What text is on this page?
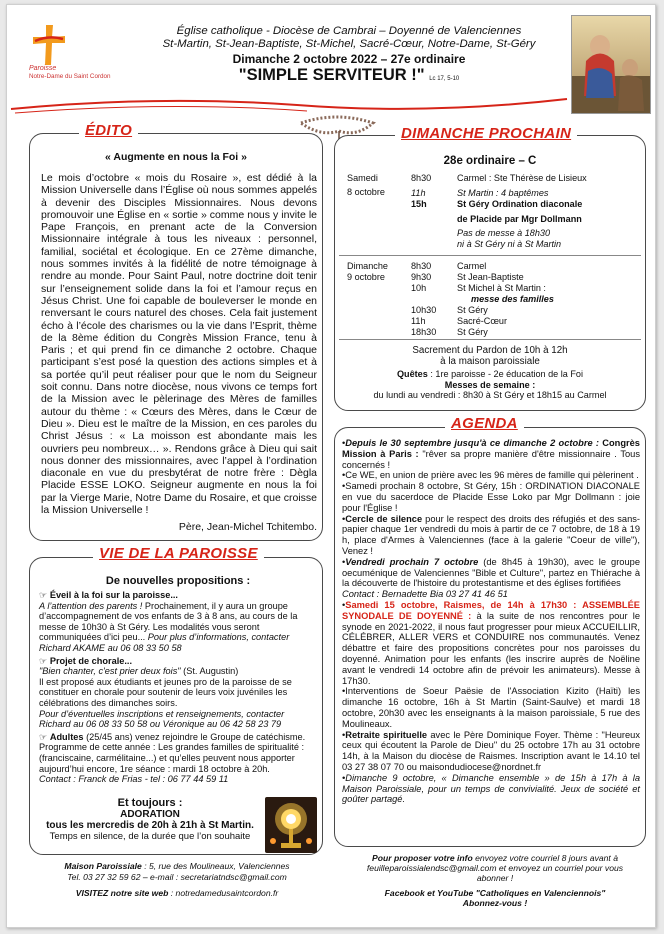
Paroisse
Notre-Dame du Saint Cordon
Église catholique - Diocèse de Cambrai – Doyenné de Valenciennes
St-Martin, St-Jean-Baptiste, St-Michel, Sacré-Cœur, Notre-Dame, St-Géry
Dimanche 2 octobre 2022 – 27e ordinaire
"SIMPLE SERVITEUR !" Lc 17, 5-10
ÉDITO
« Augmente en nous la Foi »
Le mois d’octobre « mois du Rosaire », est dédié à la Mission Universelle dans l’Église où nous sommes appelés à devenir des Disciples Missionnaires. Nous devons promouvoir une Église en « sortie » comme nous y invite le Pape François, en prenant acte de la Conversion Missionnaire intégrale à tous les niveaux : personnel, familial, sociétal et écologique. En ce 27ème dimanche, nous sommes invités à la fidélité de notre témoignage à rendre au monde. Pour Saint Paul, notre doctrine doit tenir sur l’enseignement solide dans la foi et l’amour reçus en Jésus Christ. Une foi capable de bouleverser le monde en renversant le cours naturel des choses. Cela fait justement écho à l’école des charismes ou la vie dans l’Esprit, thème de la 8ème édition du Congrès Mission France, tenu à Paris ; et qui prend fin ce dimanche 2 octobre. Chaque participant s’est posé la question des actions simples et à sa portée qu’il peut réaliser pour que le nom du Seigneur soit connu. Dans notre diocèse, nous vivons ce temps fort de la Mission avec le pèlerinage des Mères de familles autour du thème : « Cœurs des Mères, dans le Cœur de Dieu ». Dieu est le maître de la Mission, en ces paroles du Christ Jésus : « La moisson est abondante mais les ouvriers peu nombreux… ». Rendons grâce à Dieu qui sait nous donner des missionnaires, avec l’appel à l’ordination diaconale en vue du presbytérat de notre frère : Dègla Placide ESSE LOKO. Seigneur augmente en nous la foi par la Vierge Marie, Notre Dame du Rosaire, et que croisse la Mission Universelle !
Père, Jean-Michel Tchitembo.
DIMANCHE PROCHAIN
28e ordinaire – C
Samedi
8 octobre
8h30	Carmel : Ste Thérèse de Lisieux
11h	St Martin : 4 baptêmes
15h	St Géry Ordination diaconale
de Placide par Mgr Dollmann
Pas de messe à 18h30
ni à St Géry ni à St Martin
Dimanche
9 octobre
8h30	Carmel
9h30	St Jean-Baptiste
10h	St Michel à St Martin :
messe des familles
10h30 St Géry
11h	Sacré-Cœur
18h30 St Géry
Sacrement du Pardon de 10h à 12h
à la maison paroissiale
Quêtes : 1re paroisse - 2e éducation de la Foi
Messes de semaine :
du lundi au vendredi : 8h30 à St Géry et 18h15 au Carmel
AGENDA
•Depuis le 30 septembre jusqu'à ce dimanche 2 octobre : Congrès Mission à Paris : "rêver sa propre manière d'être missionnaire . Tous concernés !
•Ce WE, en union de prière avec les 96 mères de famille qui pèlerinent .
•Samedi prochain 8 octobre, St Géry, 15h : ORDINATION DIACONALE en vue du sacerdoce de Placide Esse Loko par Mgr Dollmann : joie pour l'Église !
•Cercle de silence pour le respect des droits des réfugiés et des sans-papier chaque 1er vendredi du mois à partir de ce 7 octobre, de 18 à 19 h, place d'Armes à Valenciennes (face à la galerie "Coeur de ville"), Venez !
•Vendredi prochain 7 octobre (de 8h45 à 19h30), avec le groupe oecuménique de Valenciennes "Bible et Culture", partez en Thiérache à la découverte de l'histoire du protestantisme et des églises fortifiées
Contact : Bernadette Bia 03 27 41 46 51
•Samedi 15 octobre, Raismes, de 14h à 17h30 : ASSEMBLÉE SYNODALE DE DOYENNÉ : à la suite de nos rencontres pour le synode en 2021-2022, il nous faut progresser pour mieux ACCUEILLIR, CÉLÉBRER, ALLER VERS et CONDUIRE nos communautés. Venez débattre et faire des propositions concrètes pour nos paroisses du doyenné. Animation pour les enfants (les inscrire auprès de Noëline avant le vendredi 14 octobre afin de prévoir les animateurs). Messe à 17h30.
•Interventions de Soeur Paësie de l'Association Kizito (Haïti) les dimanche 16 octobre, 16h à St Martin (Saint-Saulve) et mardi 18 octobre, 20h30 avec les enseignants à la maison paroissiale, 5 rue des Moulineaux.
•Retraite spirituelle avec le Père Dominique Foyer. Thème : "Heureux ceux qui écoutent la Parole de Dieu" du 25 octobre 17h au 31 octobre 14h, à la Maison du diocèse de Raismes. Inscription avant le 14.10 tel 03 27 38 07 70 ou maisondudiocese@nordnet.fr
•Dimanche 9 octobre, « Dimanche ensemble » de 15h à 17h à la Maison Paroissiale, pour un temps de convivialité. Jeux de société et goûter partagé.
VIE DE LA PAROISSE
De nouvelles propositions :
☞ Éveil à la foi sur la paroisse...
A l’attention des parents ! Prochainement, il y aura un groupe d’accompagnement de vos enfants de 3 à 8 ans, au cours de la messe de 10h30 à St Géry. Les modalités vous seront communiquées d’ici peu... Pour plus d’informations, contacter Richard AKAME au 06 08 33 50 58
☞ Projet de chorale...
"Bien chanter, c'est prier deux fois" (St. Augustin)
Il est proposé aux étudiants et jeunes pro de la paroisse de se constituer en chorale pour soutenir de leurs voix juvéniles les célébrations des dimanches soirs.
Pour d’éventuelles inscriptions et renseignements, contacter Richard au 06 08 33 50 58 ou Véronique au 06 42 58 23 79
☞ Adultes (25/45 ans) venez rejoindre le Groupe de catéchisme. Programme de cette année : Les grandes familles de spiritualité : (franciscaine, carmélitaine...) et qu’elles peuvent nous apporter aujourd’hui encore, 1re séance : mardi 18 octobre à 20h.
Contact : Franck de Frias - tel : 06 77 44 59 11
Et toujours :
ADORATION
tous les mercredis de 20h à 21h à St Martin.
Temps en silence, de la durée que l’on souhaite
Maison Paroissiale : 5, rue des Moulineaux, Valenciennes
Tel. 03 27 32 59 62 – e-mail : secretariatndsc@gmail.com
VISITEZ notre site web : notredamedusaintcordon.fr
Pour proposer votre info envoyez votre courriel 8 jours avant à feuilleparoissialendsc@gmail.com et envoyez un courriel pour vous abonner !
Facebook et YouTube "Catholiques en Valenciennois"
Abonnez-vous !
